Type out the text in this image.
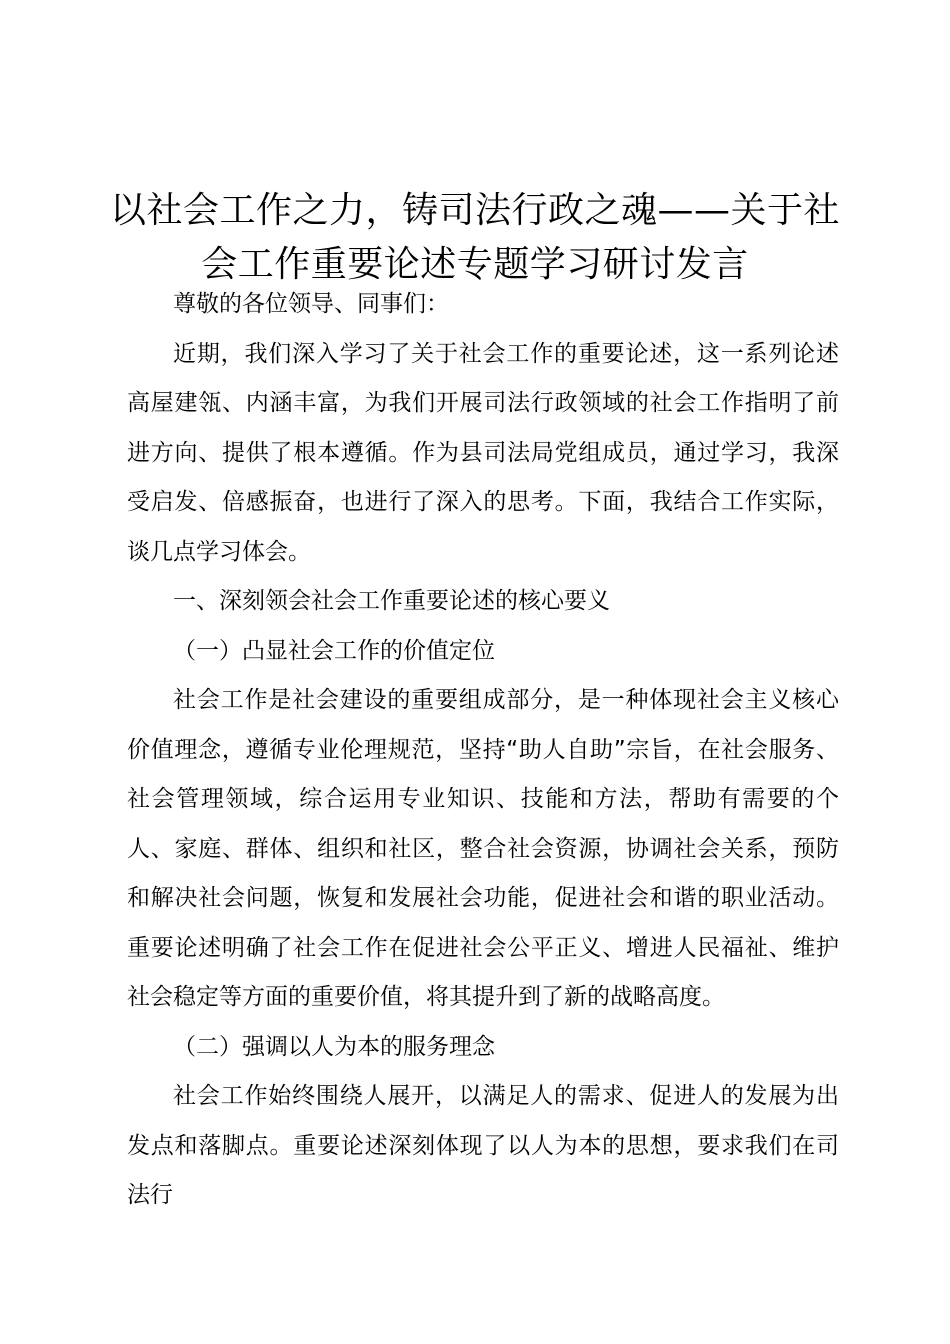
以社会工作之力，铸司法行政之魂——关于社会工作重要论述专题学习研讨发言

尊敬的各位领导、同事们：

近期，我们深入学习了关于社会工作的重要论述，这一系列论述高屋建瓴、内涵丰富，为我们开展司法行政领域的社会工作指明了前进方向、提供了根本遵循。作为县司法局党组成员，通过学习，我深受启发、倍感振奋，也进行了深入的思考。下面，我结合工作实际，谈几点学习体会。

一、深刻领会社会工作重要论述的核心要义

（一）凸显社会工作的价值定位

社会工作是社会建设的重要组成部分，是一种体现社会主义核心价值理念，遵循专业伦理规范，坚持“助人自助”宗旨，在社会服务、社会管理领域，综合运用专业知识、技能和方法，帮助有需要的个人、家庭、群体、组织和社区，整合社会资源，协调社会关系，预防和解决社会问题，恢复和发展社会功能，促进社会和谐的职业活动。重要论述明确了社会工作在促进社会公平正义、增进人民福祉、维护社会稳定等方面的重要价值，将其提升到了新的战略高度。

（二）强调以人为本的服务理念

社会工作始终围绕人展开，以满足人的需求、促进人的发展为出发点和落脚点。重要论述深刻体现了以人为本的思想，要求我们在司法行
